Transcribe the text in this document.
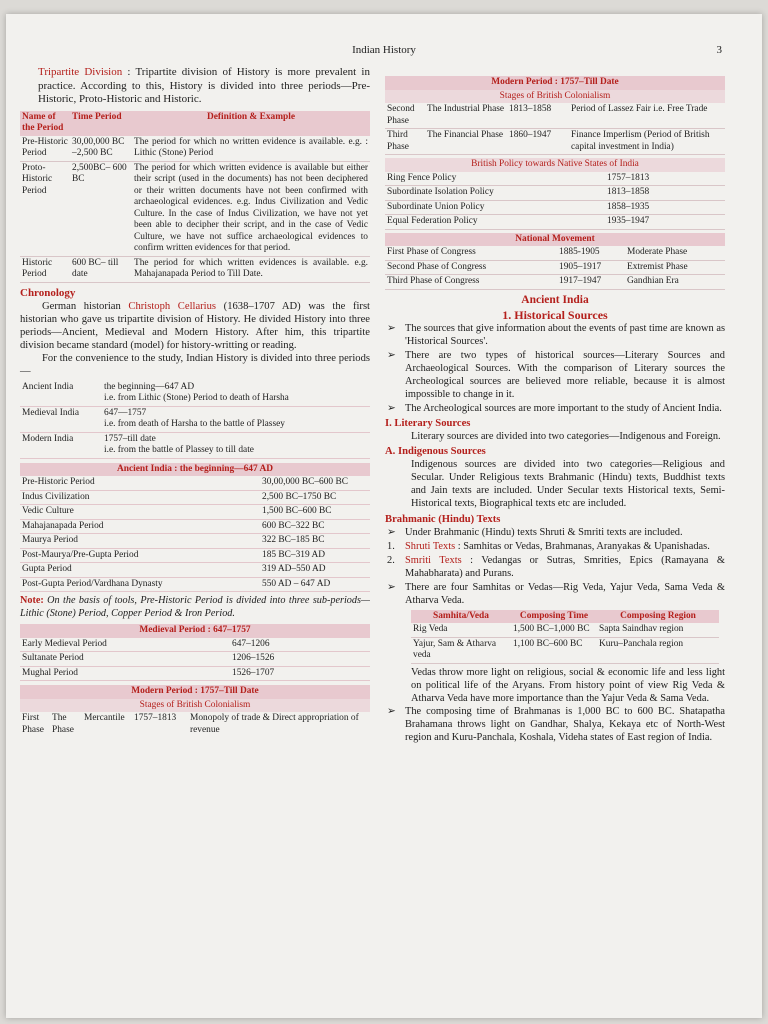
Indian History	3

Tripartite Division : Tripartite division of History is more prevalent in practice. According to this, History is divided into three periods—Pre-Historic, Proto-Historic and Historic.

Name of the Period	Time Period	Definition & Example
Pre-Historic Period	30,00,000 BC –2,500 BC	The period for which no written evidence is available. e.g. : Lithic (Stone) Period
Proto-Historic Period	2,500BC– 600 BC	The period for which written evidence is available but either their script (used in the documents) has not been deciphered or their written documents have not been confirmed with archaeological evidences. e.g. Indus Civilization and Vedic Culture. In the case of Indus Civilization, we have not yet been able to decipher their script, and in the case of Vedic Culture, we have not suffice archaeological evidences to confirm written evidences for that period.
Historic Period	600 BC– till date	The period for which written evidences is available. e.g. Mahajanapada Period to Till Date.
Chronology

German historian Christoph Cellarius (1638–1707 AD) was the first historian who gave us tripartite division of History. He divided History into three periods—Ancient, Medieval and Modern History. After him, this tripartite division became standard (model) for history-writting or reading.

For the convenience to the study, Indian History is divided into three periods—

Ancient India	the beginning—647 AD
i.e. from Lithic (Stone) Period to death of Harsha

Medieval India	647—1757
i.e. from death of Harsha to the battle of Plassey

Modern India	1757–till date
i.e. from the battle of Plassey to till date
Ancient India : the beginning—647 AD	
Pre-Historic Period	30,00,000 BC–600 BC
Indus Civilization	2,500 BC–1750 BC
Vedic Culture	1,500 BC–600 BC
Mahajanapada Period	600 BC–322 BC
Maurya Period	322 BC–185 BC
Post-Maurya/Pre-Gupta Period	185 BC–319 AD
Gupta Period	319 AD–550 AD
Post-Gupta Period/Vardhana Dynasty	550 AD – 647 AD

Note: On the basis of tools, Pre-Historic Period is divided into three sub-periods—Lithic (Stone) Period, Copper Period & Iron Period.

Medieval Period : 647–1757	
Early Medieval Period	647–1206
Sultanate Period	1206–1526
Mughal Period	1526–1707
Modern Period : 1757–Till Date
Stages of British Colonialism
First Phase	The Phase	Mercantile	1757–1813	Monopoly of trade & Direct appropriation of revenue
Modern Period : 1757–Till Date			
Stages of British Colonialism			
Second Phase	The Industrial Phase	1813–1858	Period of Lassez Fair i.e. Free Trade
Third Phase	The Financial Phase	1860–1947	Finance Imperlism (Period of British capital investment in India)
British Policy towards Native States of India	
Ring Fence Policy	1757–1813
Subordinate Isolation Policy	1813–1858
Subordinate Union Policy	1858–1935
Equal Federation Policy	1935–1947
National Movement		
First Phase of Congress	1885-1905	Moderate Phase
Second Phase of Congress	1905–1917	Extremist Phase
Third Phase of Congress	1917–1947	Gandhian Era
Ancient India
1. Historical Sources
➢ The sources that give information about the events of past time are known as 'Historical Sources'.
➢ There are two types of historical sources—Literary Sources and Archaeological Sources. With the comparison of Literary sources the Archeological sources are believed more reliable, because it is almost impossible to change in it.
➢ The Archeological sources are more important to the study of Ancient India.
I. Literary Sources

Literary sources are divided into two categories—Indigenous and Foreign.

A. Indigenous Sources

Indigenous sources are divided into two categories—Religious and Secular. Under Religious texts Brahmanic (Hindu) texts, Buddhist texts and Jain texts are included. Under Secular texts Historical texts, Semi-Historical texts, Biographical texts etc are included.

Brahmanic (Hindu) Texts
➢ Under Brahmanic (Hindu) texts Shruti & Smriti texts are included.
1. Shruti Texts : Samhitas or Vedas, Brahmanas, Aranyakas & Upanishadas.
2. Smriti Texts : Vedangas or Sutras, Smrities, Epics (Ramayana & Mahabharata) and Purans.
➢ There are four Samhitas or Vedas—Rig Veda, Yajur Veda, Sama Veda & Atharva Veda.
Samhita/Veda	Composing Time	Composing Region
Rig Veda	1,500 BC–1,000 BC	Sapta Saindhav region
Yajur, Sam & Atharva veda	1,100 BC–600 BC	Kuru–Panchala region

Vedas throw more light on religious, social & economic life and less light on political life of the Aryans. From history point of view Rig Veda & Atharva Veda have more importance than the Yajur Veda & Sama Veda.

➢ The composing time of Brahmanas is 1,000 BC to 600 BC. Shatapatha Brahamana throws light on Gandhar, Shalya, Kekaya etc of North-West region and Kuru-Panchala, Koshala, Videha states of East region of India.
